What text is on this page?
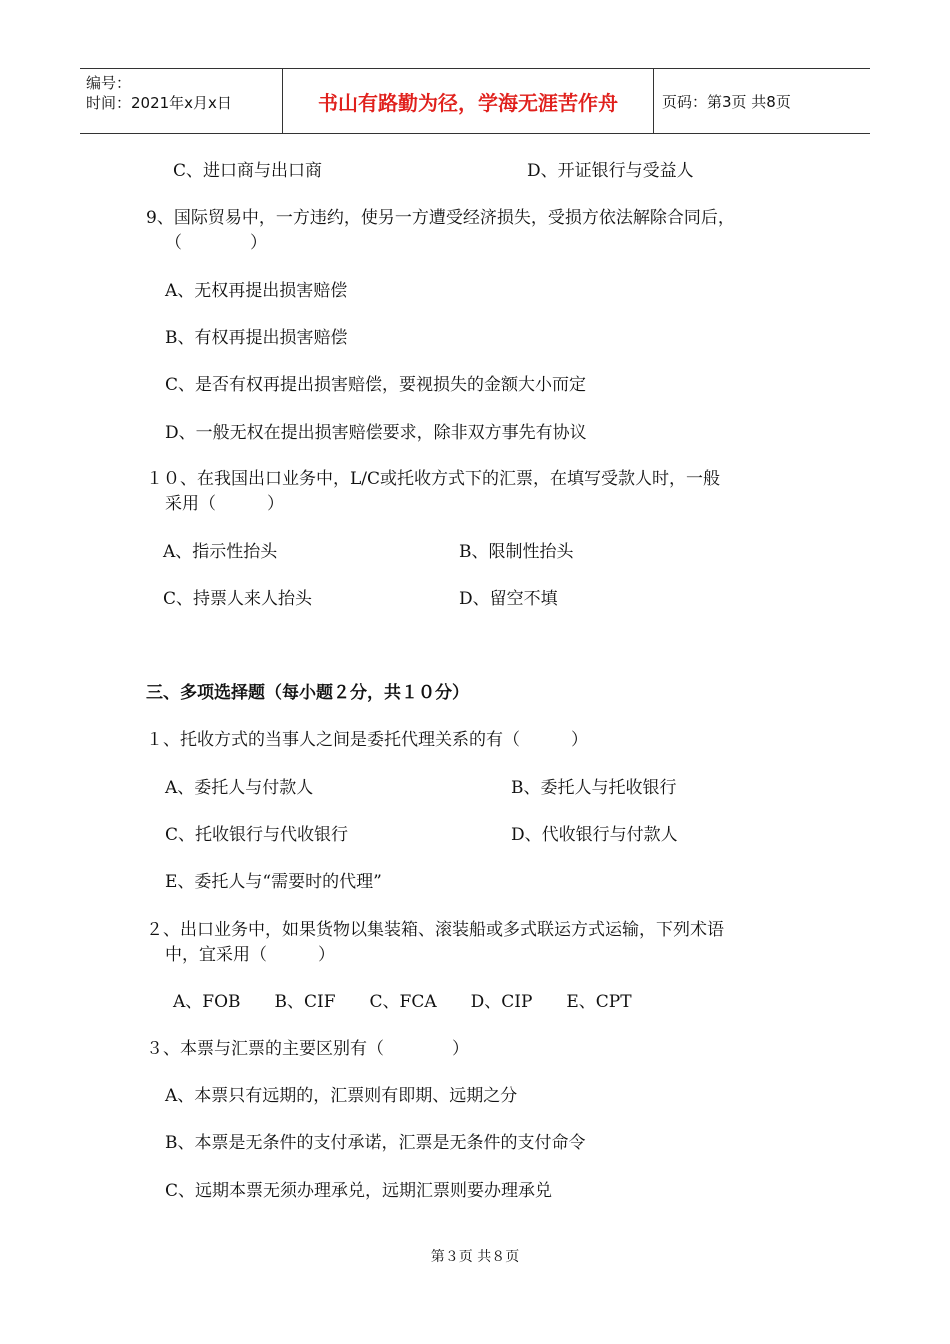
编号：
时间：2021年x月x日	书山有路勤为径，学海无涯苦作舟	页码：第3页 共8页
C、进口商与出口商	D、开证银行与受益人
9、国际贸易中，一方违约，使另一方遭受经济损失，受损方依法解除合同后，
（　　　　）
A、无权再提出损害赔偿
B、有权再提出损害赔偿
C、是否有权再提出损害赔偿，要视损失的金额大小而定
D、一般无权在提出损害赔偿要求，除非双方事先有协议
１０、在我国出口业务中，L/C或托收方式下的汇票，在填写受款人时，一般
采用（　　　）
A、指示性抬头	B、限制性抬头
C、持票人来人抬头	D、留空不填
三、多项选择题（每小题２分，共１０分）
１、托收方式的当事人之间是委托代理关系的有（　　　）
A、委托人与付款人	B、委托人与托收银行
C、托收银行与代收银行	D、代收银行与付款人
E、委托人与“需要时的代理”
２、出口业务中，如果货物以集装箱、滚装船或多式联运方式运输，下列术语
中，宜采用（　　　）
A、FOB　　B、CIF　　C、FCA　　D、CIP　　E、CPT
３、本票与汇票的主要区别有（　　　　）
A、本票只有远期的，汇票则有即期、远期之分
B、本票是无条件的支付承诺，汇票是无条件的支付命令
C、远期本票无须办理承兑，远期汇票则要办理承兑
第３页 共８页
